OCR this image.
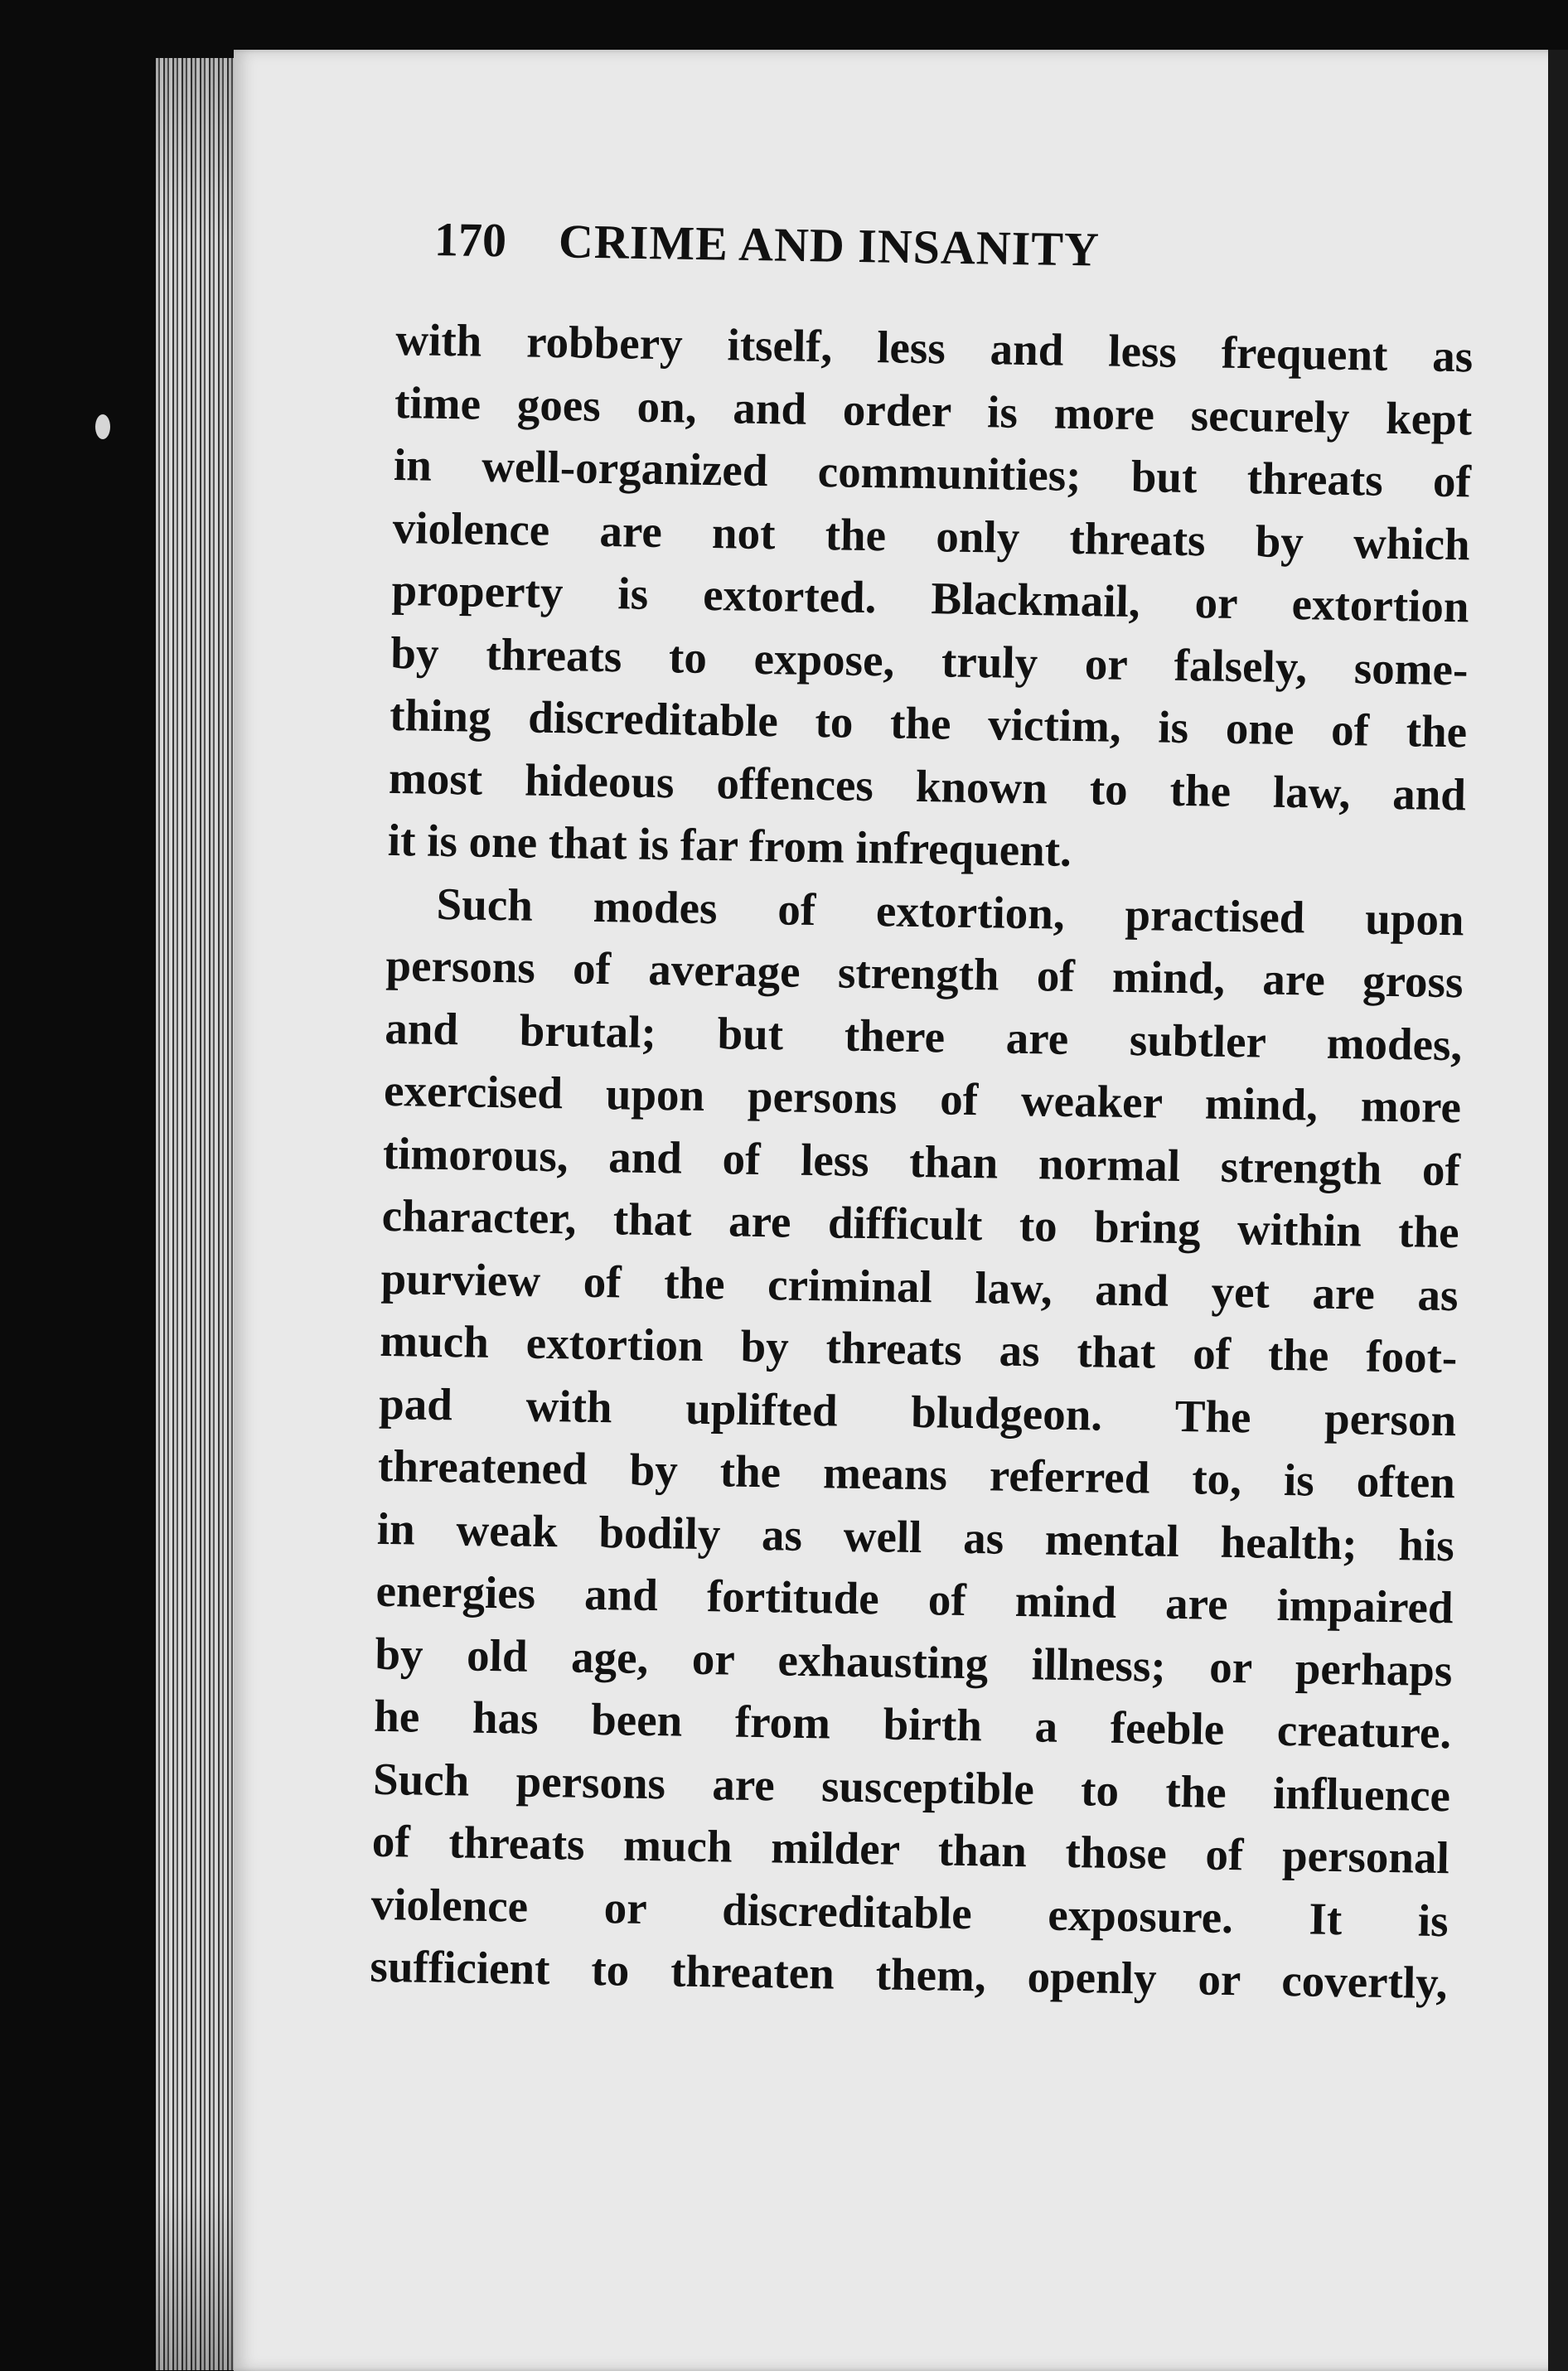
170 CRIME AND INSANITY
with robbery itself, less and less frequent as
time goes on, and order is more securely kept
in well-organized communities; but threats of
violence are not the only threats by which
property is extorted. Blackmail, or extortion
by threats to expose, truly or falsely, some-
thing discreditable to the victim, is one of the
most hideous offences known to the law, and
it is one that is far from infrequent.
Such modes of extortion, practised upon
persons of average strength of mind, are gross
and brutal; but there are subtler modes,
exercised upon persons of weaker mind, more
timorous, and of less than normal strength of
character, that are difficult to bring within the
purview of the criminal law, and yet are as
much extortion by threats as that of the foot-
pad with uplifted bludgeon. The person
threatened by the means referred to, is often
in weak bodily as well as mental health; his
energies and fortitude of mind are impaired
by old age, or exhausting illness; or perhaps
he has been from birth a feeble creature.
Such persons are susceptible to the influence
of threats much milder than those of personal
violence or discreditable exposure. It is
sufficient to threaten them, openly or covertly,
